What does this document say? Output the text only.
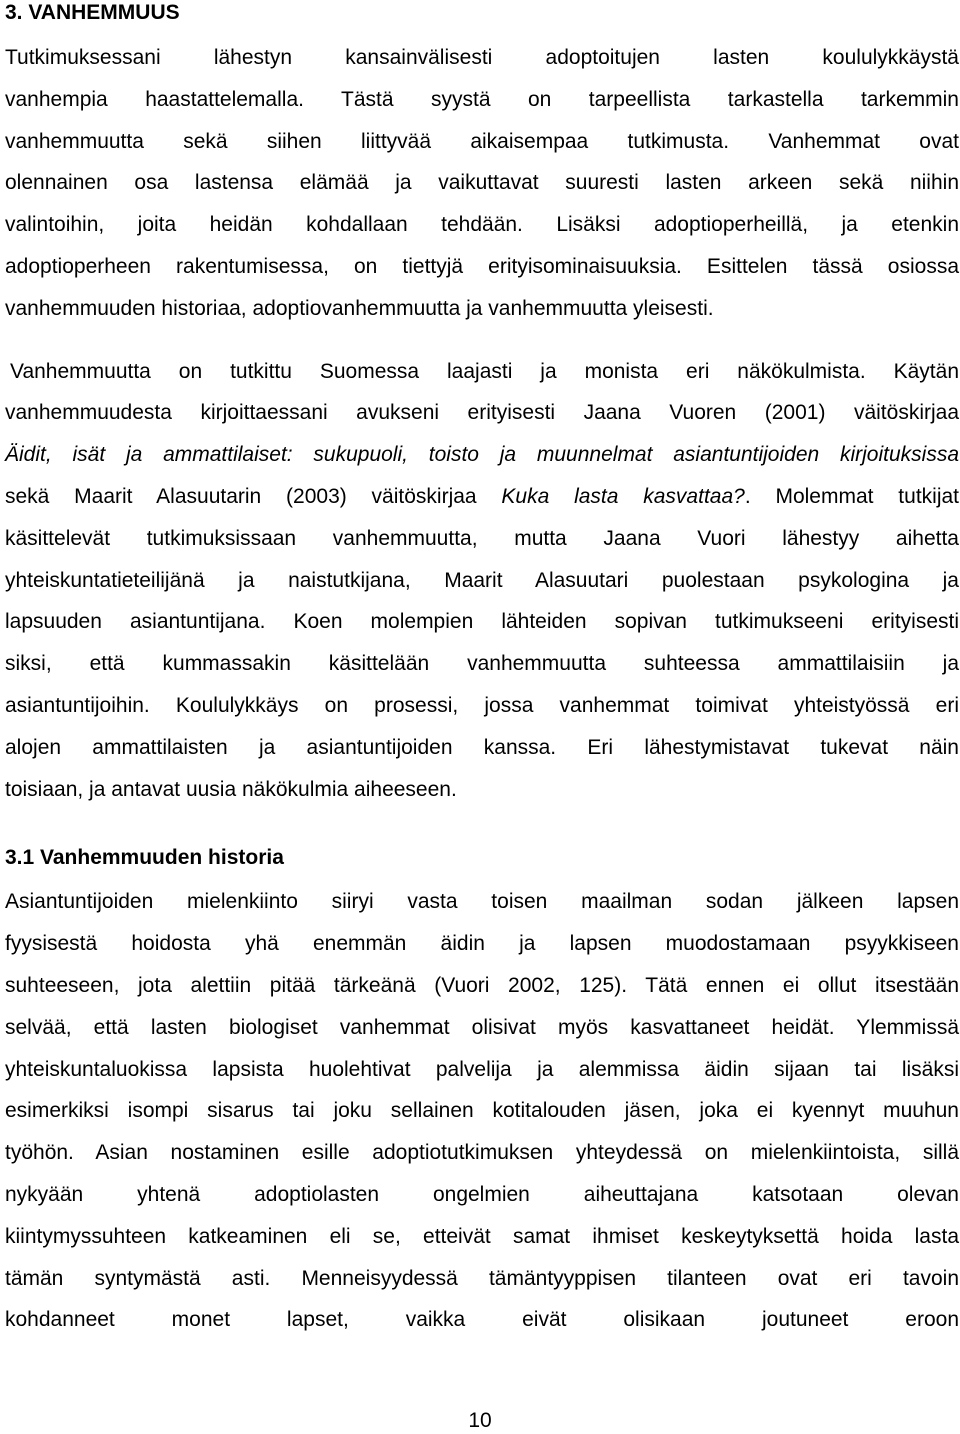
3. VANHEMMUUS
Tutkimuksessani lähestyn kansainvälisesti adoptoitujen lasten koululykkäystä
vanhempia haastattelemalla. Tästä syystä on tarpeellista tarkastella tarkemmin
vanhemmuutta sekä siihen liittyvää aikaisempaa tutkimusta. Vanhemmat ovat
olennainen osa lastensa elämää ja vaikuttavat suuresti lasten arkeen sekä niihin
valintoihin, joita heidän kohdallaan tehdään. Lisäksi adoptioperheillä, ja etenkin
adoptioperheen rakentumisessa, on tiettyjä erityisominaisuuksia. Esittelen tässä osiossa
vanhemmuuden historiaa, adoptiovanhemmuutta ja vanhemmuutta yleisesti.
Vanhemmuutta on tutkittu Suomessa laajasti ja monista eri näkökulmista. Käytän
vanhemmuudesta kirjoittaessani avukseni erityisesti Jaana Vuoren (2001) väitöskirjaa
Äidit, isät ja ammattilaiset: sukupuoli, toisto ja muunnelmat asiantuntijoiden kirjoituksissa
sekä Maarit Alasuutarin (2003) väitöskirjaa Kuka lasta kasvattaa?. Molemmat tutkijat
käsittelevät tutkimuksissaan vanhemmuutta, mutta Jaana Vuori lähestyy aihetta
yhteiskuntatieteilijänä ja naistutkijana, Maarit Alasuutari puolestaan psykologina ja
lapsuuden asiantuntijana. Koen molempien lähteiden sopivan tutkimukseeni erityisesti
siksi, että kummassakin käsittelään vanhemmuutta suhteessa ammattilaisiin ja
asiantuntijoihin. Koululykkäys on prosessi, jossa vanhemmat toimivat yhteistyössä eri
alojen ammattilaisten ja asiantuntijoiden kanssa. Eri lähestymistavat tukevat näin
toisiaan, ja antavat uusia näkökulmia aiheeseen.
3.1 Vanhemmuuden historia
Asiantuntijoiden mielenkiinto siiryi vasta toisen maailman sodan jälkeen lapsen
fyysisestä hoidosta yhä enemmän äidin ja lapsen muodostamaan psyykkiseen
suhteeseen, jota alettiin pitää tärkeänä (Vuori 2002, 125). Tätä ennen ei ollut itsestään
selvää, että lasten biologiset vanhemmat olisivat myös kasvattaneet heidät. Ylemmissä
yhteiskuntaluokissa lapsista huolehtivat palvelija ja alemmissa äidin sijaan tai lisäksi
esimerkiksi isompi sisarus tai joku sellainen kotitalouden jäsen, joka ei kyennyt muuhun
työhön. Asian nostaminen esille adoptiotutkimuksen yhteydessä on mielenkiintoista, sillä
nykyään yhtenä adoptiolasten ongelmien aiheuttajana katsotaan olevan
kiintymyssuhteen katkeaminen eli se, etteivät samat ihmiset keskeytyksettä hoida lasta
tämän syntymästä asti. Menneisyydessä tämäntyyppisen tilanteen ovat eri tavoin
kohdanneet monet lapset, vaikka eivät olisikaan joutuneet eroon
10
